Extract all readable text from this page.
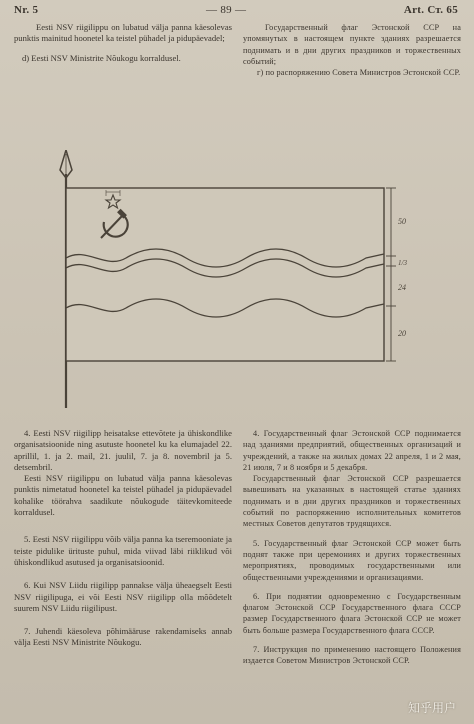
Nr. 5	— 89 —	Art. Ст. 65

Eesti NSV riigilippu on lubatud välja panna käesolevas punktis mainitud hoonetel ka teistel pühadel ja pidupäevadel;

d) Eesti NSV Ministrite Nõukogu korraldusel.

Государственный флаг Эстонской ССР на упомянутых в настоящем пункте зданиях разрешается поднимать и в дни других праздников и торжественных событий;

г) по распоряжению Совета Министров Эстонской ССР.

50
1/3
24
20

4. Eesti NSV riigilipp heisatakse ettevõtete ja ühiskondlike organisatsioonide ning asutuste hoonetel ku ka elumajadel 22. aprillil, 1. ja 2. mail, 21. juulil, 7. ja 8. novembril ja 5. detsembril.

Eesti NSV riigilippu on lubatud välja panna käesolevas punktis nimetatud hoonetel ka teistel pühadel ja pidupäevadel kohalike töörahva saadikute nõukogude täitevkomiteede korraldusel.

5. Eesti NSV riigilippu võib välja panna ka tseremooniate ja teiste pidulike ürituste puhul, mida viivad läbi riiklikud või ühiskondlikud asutused ja organisatsioonid.

6. Kui NSV Liidu riigilipp pannakse välja üheaegselt Eesti NSV riigilipuga, ei või Eesti NSV riigilipp olla mõõdetelt suurem NSV Liidu riigilipust.

7. Juhendi käesoleva põhimääruse rakendamiseks annab välja Eesti NSV Ministrite Nõukogu.

4. Государственный флаг Эстонской ССР поднимается над зданиями предприятий, общественных организаций и учреждений, а также на жилых домах 22 апреля, 1 и 2 мая, 21 июля, 7 и 8 ноября и 5 декабря.

Государственный флаг Эстонской ССР разрешается вывешивать на указанных в настоящей статье зданиях поднимать и в дни других праздников и торжественных событий по распоряжению исполнительных комитетов местных Советов депутатов трудящихся.

5. Государственный флаг Эстонской ССР может быть поднят также при церемониях и других торжественных мероприятиях, проводимых государственными или общественными учреждениями и организациями.

6. При поднятии одновременно с Государственным флагом Эстонской ССР Государственного флага СССР размер Государственного флага Эстонской ССР не может быть больше размера Государственного флага СССР.

7. Инструкция по применению настоящего Положения издается Советом Министров Эстонской ССР.

知乎用户
